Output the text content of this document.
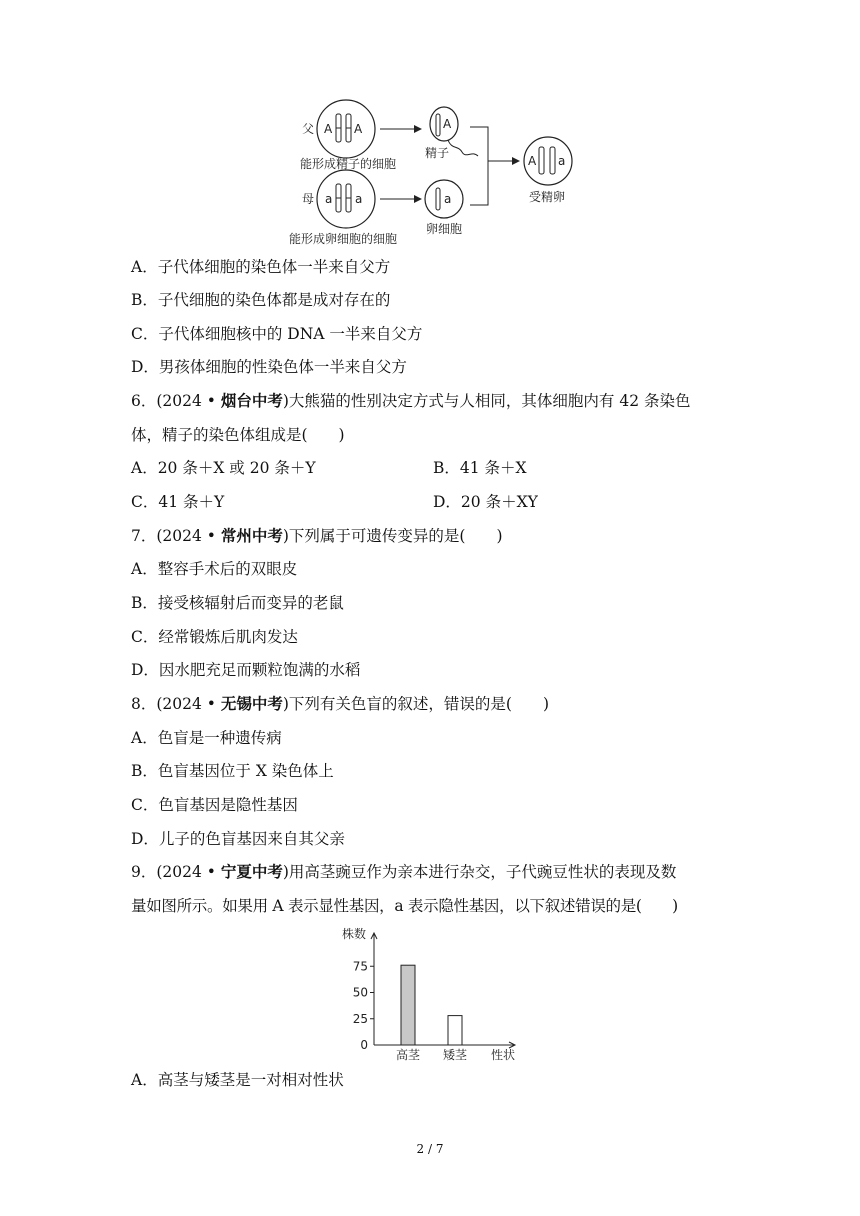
父 A A
能形成精子的细胞
A
精子
母 a a
能形成卵细胞的细胞
a
卵细胞
A a
受精卵
A．子代体细胞的染色体一半来自父方
B．子代细胞的染色体都是成对存在的
C．子代体细胞核中的 DNA 一半来自父方
D．男孩体细胞的性染色体一半来自父方
6．(2024 • 烟台中考)大熊猫的性别决定方式与人相同，其体细胞内有 42 条染色
体，精子的染色体组成是(　　)
A．20 条＋X 或 20 条＋Y	B．41 条＋X
C．41 条＋Y	D．20 条＋XY
7．(2024 • 常州中考)下列属于可遗传变异的是(　　)
A．整容手术后的双眼皮
B．接受核辐射后而变异的老鼠
C．经常锻炼后肌肉发达
D．因水肥充足而颗粒饱满的水稻
8．(2024 • 无锡中考)下列有关色盲的叙述，错误的是(　　)
A．色盲是一种遗传病
B．色盲基因位于 X 染色体上
C．色盲基因是隐性基因
D．儿子的色盲基因来自其父亲
9．(2024 • 宁夏中考)用高茎豌豆作为亲本进行杂交，子代豌豆性状的表现及数
量如图所示。如果用 A 表示显性基因，a 表示隐性基因，以下叙述错误的是(　　)
株数
0
25
50
75
高茎 矮茎 性状
A．高茎与矮茎是一对相对性状
2 / 7
